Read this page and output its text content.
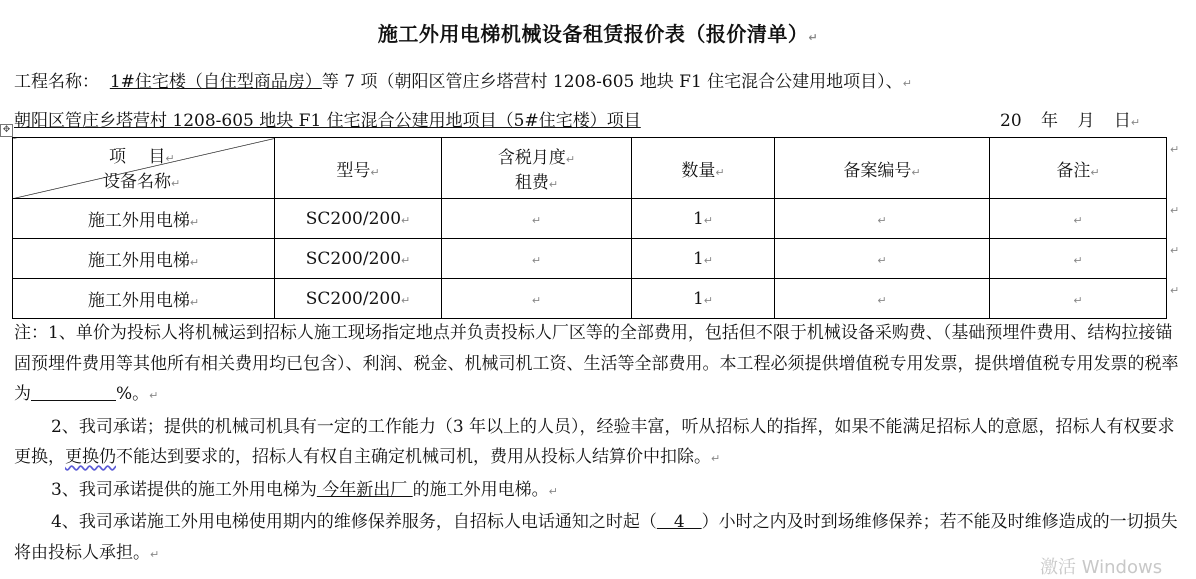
施工外用电梯机械设备租赁报价表（报价清单）↵
工程名称： 1#住宅楼（自住型商品房）等 7 项（朝阳区管庄乡塔营村 1208-605 地块 F1 住宅混合公建用地项目）、↵
朝阳区管庄乡塔营村 1208-605 地块 F1 住宅混合公建用地项目（5#住宅楼）项目	20 年 月 日↵
✥
项　 目↵
设备名称↵	型号↵	含税月度↵
租费↵	数量↵	备案编号↵	备注↵
施工外用电梯↵	SC200/200↵	↵	1↵	↵	↵
施工外用电梯↵	SC200/200↵	↵	1↵	↵	↵
施工外用电梯↵	SC200/200↵	↵	1↵	↵	↵
↵
↵
↵
↵

注：1、单价为投标人将机械运到招标人施工现场指定地点并负责投标人厂区等的全部费用，包括但不限于机械设备采购费、（基础预埋件费用、结构拉接锚固预埋件费用等其他所有相关费用均已包含）、利润、税金、机械司机工资、生活等全部费用。本工程必须提供增值税专用发票，提供增值税专用发票的税率为　　　　　	%。↵

2、我司承诺；提供的机械司机具有一定的工作能力（3 年以上的人员），经验丰富，听从招标人的指挥，如果不能满足招标人的意愿，招标人有权要求更换，更换仍不能达到要求的，招标人有权自主确定机械司机，费用从投标人结算价中扣除。↵

3、我司承诺提供的施工外用电梯为 今年新出厂 的施工外用电梯。↵

4、我司承诺施工外用电梯使用期内的维修保养服务，自招标人电话通知之时起（　4　）小时之内及时到场维修保养；若不能及时维修造成的一切损失将由投标人承担。↵

激活 Windows
